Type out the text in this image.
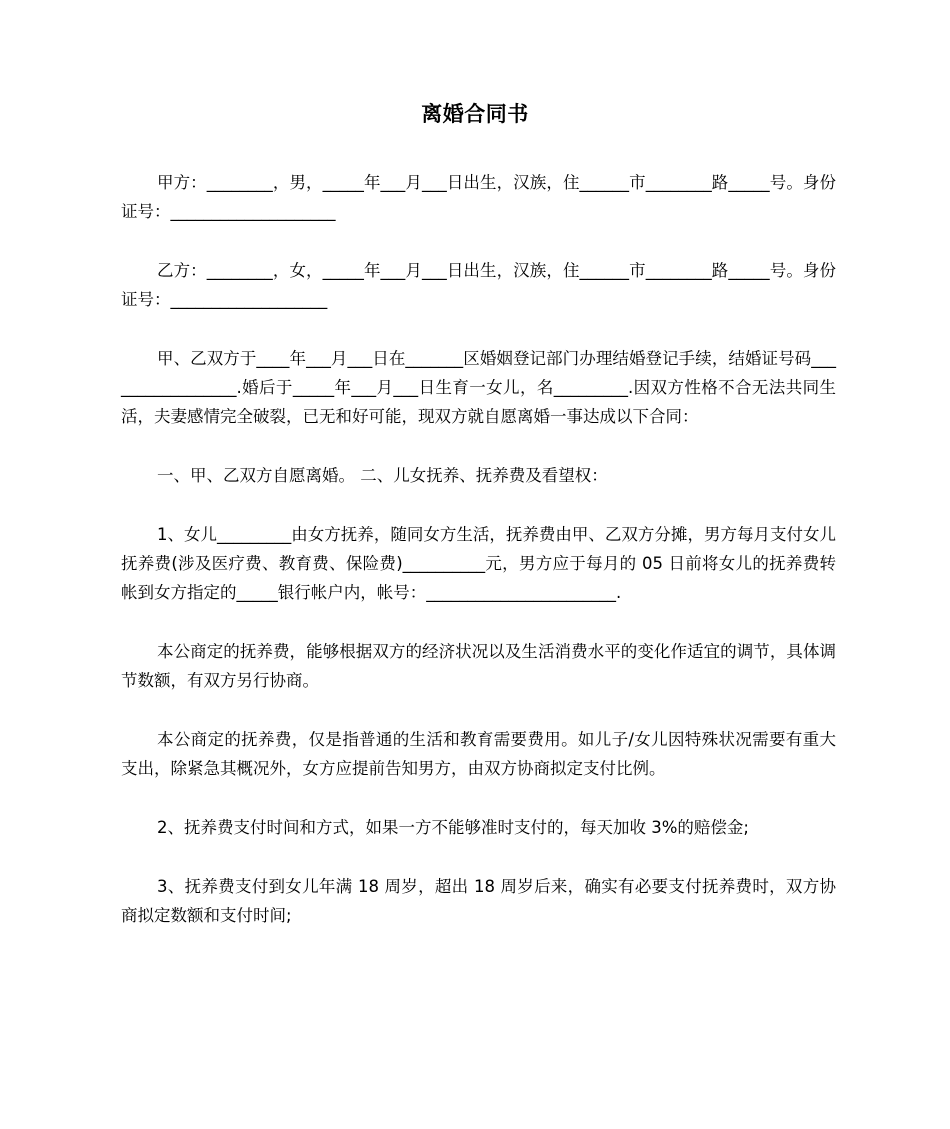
离婚合同书

甲方：________，男，_____年___月___日出生，汉族，住______市________路_____号。身份证号：____________________

乙方：________，女，_____年___月___日出生，汉族，住______市________路_____号。身份证号：___________________

甲、乙双方于____年___月___日在_______区婚姻登记部门办理结婚登记手续，结婚证号码_________________.婚后于_____年___月___日生育一女儿，名_________.因双方性格不合无法共同生活，夫妻感情完全破裂，已无和好可能，现双方就自愿离婚一事达成以下合同：

一、甲、乙双方自愿离婚。 二、儿女抚养、抚养费及看望权：

1、女儿_________由女方抚养，随同女方生活，抚养费由甲、乙双方分摊，男方每月支付女儿抚养费(涉及医疗费、教育费、保险费)__________元，男方应于每月的 05 日前将女儿的抚养费转帐到女方指定的_____银行帐户内，帐号：_______________________.

本公商定的抚养费，能够根据双方的经济状况以及生活消费水平的变化作适宜的调节，具体调节数额，有双方另行协商。

本公商定的抚养费，仅是指普通的生活和教育需要费用。如儿子/女儿因特殊状况需要有重大支出，除紧急其概况外，女方应提前告知男方，由双方协商拟定支付比例。

2、抚养费支付时间和方式，如果一方不能够准时支付的，每天加收 3%的赔偿金;

3、抚养费支付到女儿年满 18 周岁，超出 18 周岁后来，确实有必要支付抚养费时，双方协商拟定数额和支付时间;
